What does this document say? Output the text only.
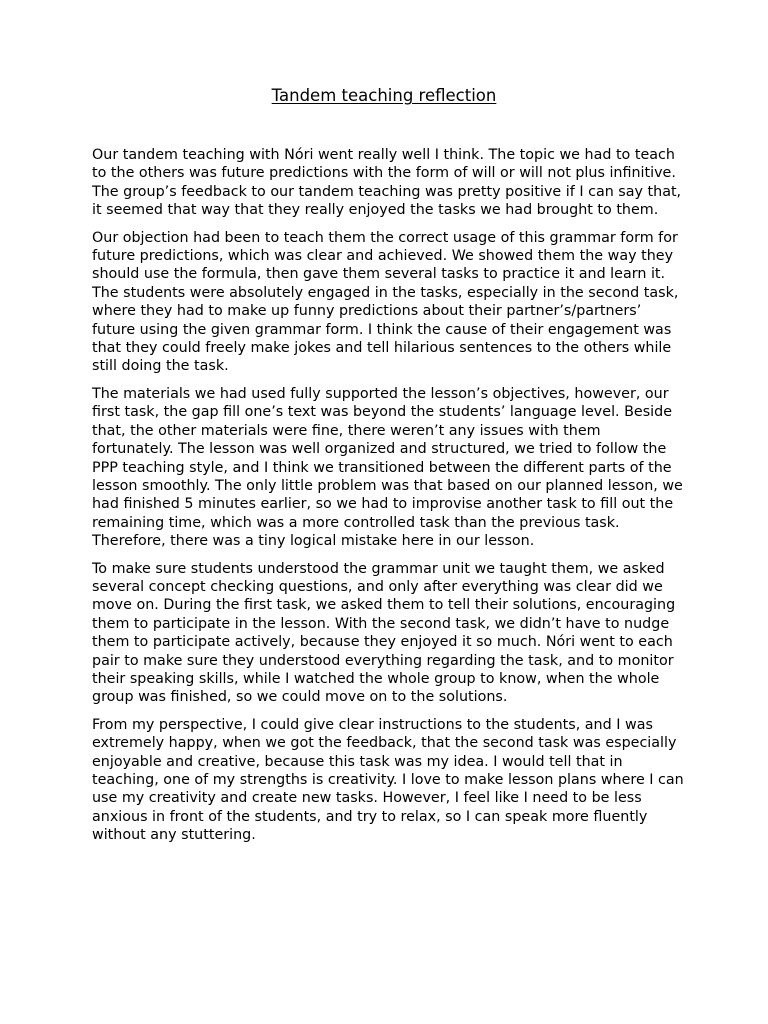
Tandem teaching reflection

Our tandem teaching with Nóri went really well I think. The topic we had to teach to the others was future predictions with the form of will or will not plus infinitive. The group’s feedback to our tandem teaching was pretty positive if I can say that, it seemed that way that they really enjoyed the tasks we had brought to them.

Our objection had been to teach them the correct usage of this grammar form for future predictions, which was clear and achieved. We showed them the way they should use the formula, then gave them several tasks to practice it and learn it. The students were absolutely engaged in the tasks, especially in the second task, where they had to make up funny predictions about their partner’s/partners’ future using the given grammar form. I think the cause of their engagement was that they could freely make jokes and tell hilarious sentences to the others while still doing the task.

The materials we had used fully supported the lesson’s objectives, however, our first task, the gap fill one’s text was beyond the students’ language level. Beside that, the other materials were fine, there weren’t any issues with them fortunately. The lesson was well organized and structured, we tried to follow the PPP teaching style, and I think we transitioned between the different parts of the lesson smoothly. The only little problem was that based on our planned lesson, we had finished 5 minutes earlier, so we had to improvise another task to fill out the remaining time, which was a more controlled task than the previous task. Therefore, there was a tiny logical mistake here in our lesson.

To make sure students understood the grammar unit we taught them, we asked several concept checking questions, and only after everything was clear did we move on. During the first task, we asked them to tell their solutions, encouraging them to participate in the lesson. With the second task, we didn’t have to nudge them to participate actively, because they enjoyed it so much. Nóri went to each pair to make sure they understood everything regarding the task, and to monitor their speaking skills, while I watched the whole group to know, when the whole group was finished, so we could move on to the solutions.

From my perspective, I could give clear instructions to the students, and I was extremely happy, when we got the feedback, that the second task was especially enjoyable and creative, because this task was my idea. I would tell that in teaching, one of my strengths is creativity. I love to make lesson plans where I can use my creativity and create new tasks. However, I feel like I need to be less anxious in front of the students, and try to relax, so I can speak more fluently without any stuttering.
